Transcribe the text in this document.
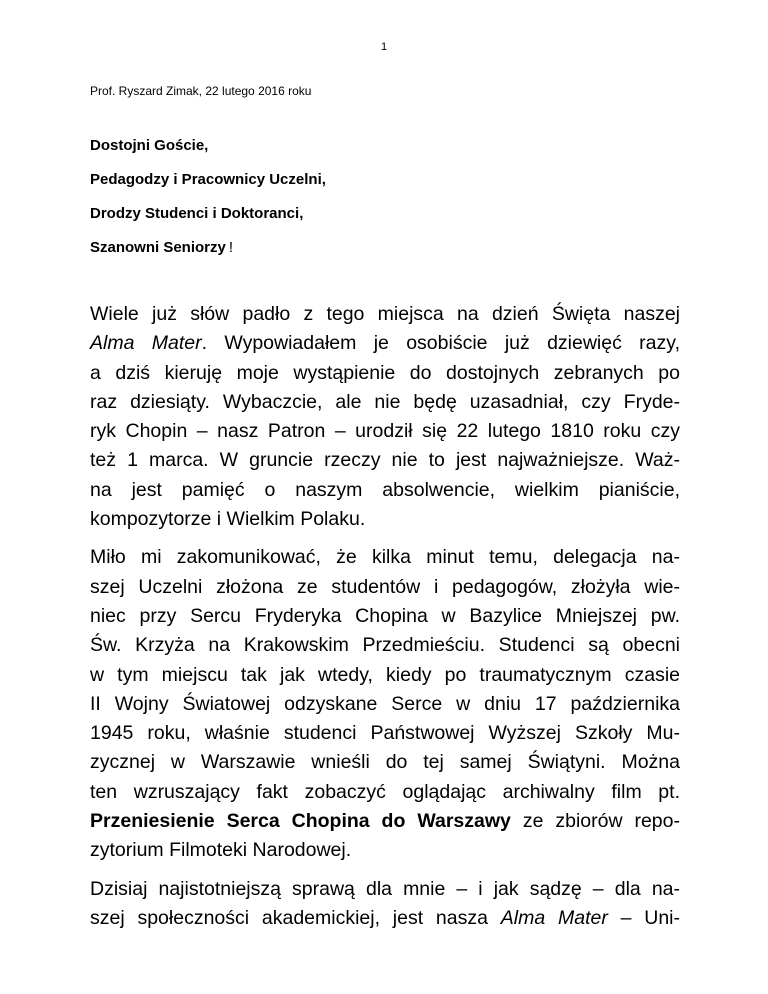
1
Prof. Ryszard Zimak, 22 lutego 2016 roku
Dostojni Goście,
Pedagodzy i Pracownicy Uczelni,
Drodzy Studenci i Doktoranci,
Szanowni Seniorzy !
Wiele już słów padło z tego miejsca na dzień Święta naszej
Alma Mater. Wypowiadałem je osobiście już dziewięć razy,
a dziś kieruję moje wystąpienie do dostojnych zebranych po
raz dziesiąty. Wybaczcie, ale nie będę uzasadniał, czy Fryde-
ryk Chopin – nasz Patron – urodził się 22 lutego 1810 roku czy
też 1 marca. W gruncie rzeczy nie to jest najważniejsze. Waż-
na jest pamięć o naszym absolwencie, wielkim pianiście,
kompozytorze i Wielkim Polaku.
Miło mi zakomunikować, że kilka minut temu, delegacja na-
szej Uczelni złożona ze studentów i pedagogów, złożyła wie-
niec przy Sercu Fryderyka Chopina w Bazylice Mniejszej pw.
Św. Krzyża na Krakowskim Przedmieściu. Studenci są obecni
w tym miejscu tak jak wtedy, kiedy po traumatycznym czasie
II Wojny Światowej odzyskane Serce w dniu 17 października
1945 roku, właśnie studenci Państwowej Wyższej Szkoły Mu-
zycznej w Warszawie wnieśli do tej samej Świątyni. Można
ten wzruszający fakt zobaczyć oglądając archiwalny film pt.
Przeniesienie Serca Chopina do Warszawy ze zbiorów repo-
zytorium Filmoteki Narodowej.
Dzisiaj najistotniejszą sprawą dla mnie – i jak sądzę – dla na-
szej społeczności akademickiej, jest nasza Alma Mater – Uni-
